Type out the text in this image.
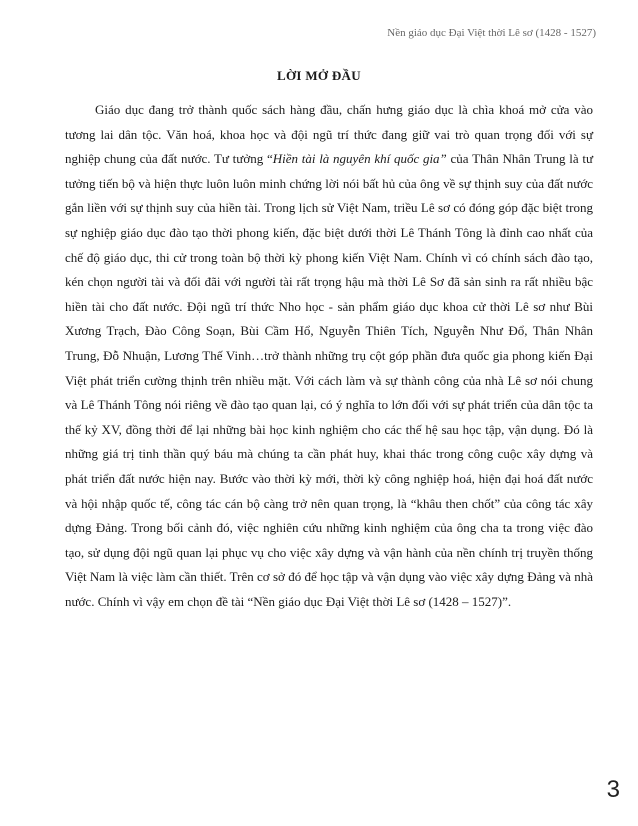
Nền giáo dục Đại Việt thời Lê sơ (1428 - 1527)
LỜI MỞ ĐẦU

Giáo dục đang trở thành quốc sách hàng đầu, chấn hưng giáo dục là chìa khoá mở cửa vào tương lai dân tộc. Văn hoá, khoa học và đội ngũ trí thức đang giữ vai trò quan trọng đối với sự nghiệp chung của đất nước. Tư tưởng “Hiền tài là nguyên khí quốc gia” của Thân Nhân Trung là tư tưởng tiến bộ và hiện thực luôn luôn minh chứng lời nói bất hủ của ông về sự thịnh suy của đất nước gắn liền với sự thịnh suy của hiền tài. Trong lịch sử Việt Nam, triều Lê sơ có đóng góp đặc biệt trong sự nghiệp giáo dục đào tạo thời phong kiến, đặc biệt dưới thời Lê Thánh Tông là đỉnh cao nhất của chế độ giáo dục, thi cử trong toàn bộ thời kỳ phong kiến Việt Nam. Chính vì có chính sách đào tạo, kén chọn người tài và đối đãi với người tài rất trọng hậu mà thời Lê Sơ đã sản sinh ra rất nhiều bậc hiền tài cho đất nước. Đội ngũ trí thức Nho học - sản phẩm giáo dục khoa cử thời Lê sơ như Bùi Xương Trạch, Đào Công Soạn, Bùi Cầm Hổ, Nguyễn Thiên Tích, Nguyễn Như Đổ, Thân Nhân Trung, Đỗ Nhuận, Lương Thế Vinh…trở thành những trụ cột góp phần đưa quốc gia phong kiến Đại Việt phát triển cường thịnh trên nhiều mặt. Với cách làm và sự thành công của nhà Lê sơ nói chung và Lê Thánh Tông nói riêng về đào tạo quan lại, có ý nghĩa to lớn đối với sự phát triển của dân tộc ta thế kỷ XV, đồng thời để lại những bài học kinh nghiệm cho các thế hệ sau học tập, vận dụng. Đó là những giá trị tinh thần quý báu mà chúng ta cần phát huy, khai thác trong công cuộc xây dựng và phát triển đất nước hiện nay. Bước vào thời kỳ mới, thời kỳ công nghiệp hoá, hiện đại hoá đất nước và hội nhập quốc tế, công tác cán bộ càng trở nên quan trọng, là “khâu then chốt” của công tác xây dựng Đảng. Trong bối cảnh đó, việc nghiên cứu những kinh nghiệm của ông cha ta trong việc đào tạo, sử dụng đội ngũ quan lại phục vụ cho việc xây dựng và vận hành của nền chính trị truyền thống Việt Nam là việc làm cần thiết. Trên cơ sở đó để học tập và vận dụng vào việc xây dựng Đảng và nhà nước. Chính vì vậy em chọn đề tài “Nền giáo dục Đại Việt thời Lê sơ (1428 – 1527)”.

3
